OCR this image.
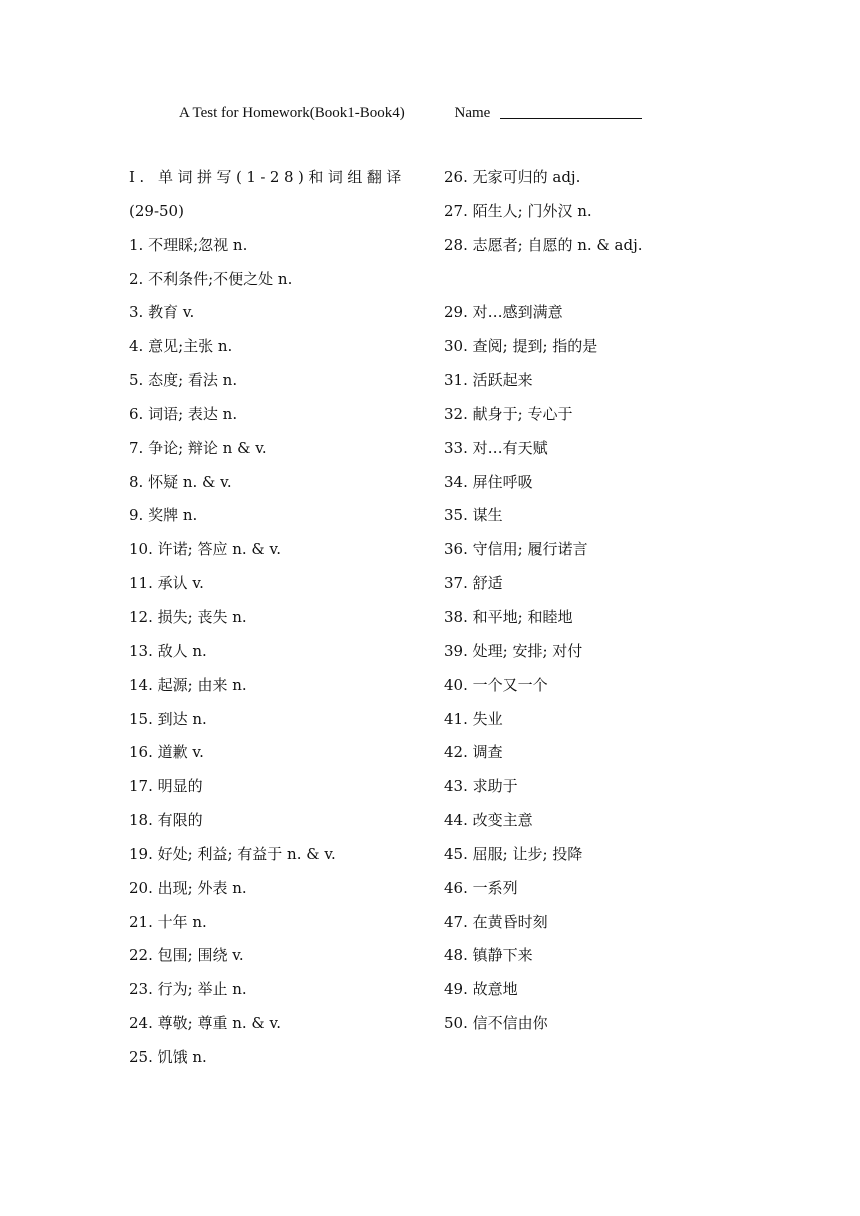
A Test for Homework(Book1-Book4)	Name
Ⅰ. 单词拼写(1-28)和词组翻译
(29-50)
1. 不理睬;忽视 n.
2. 不利条件;不便之处 n.
3. 教育 v.
4. 意见;主张 n.
5. 态度; 看法 n.
6. 词语; 表达 n.
7. 争论; 辩论 n & v.
8. 怀疑 n. & v.
9. 奖牌 n.
10. 许诺; 答应 n. & v.
11. 承认 v.
12. 损失; 丧失 n.
13. 敌人 n.
14. 起源; 由来 n.
15. 到达 n.
16. 道歉 v.
17. 明显的
18. 有限的
19. 好处; 利益; 有益于 n. & v.
20. 出现; 外表 n.
21. 十年 n.
22. 包围; 围绕 v.
23. 行为; 举止 n.
24. 尊敬; 尊重 n. & v.
25. 饥饿 n.
26. 无家可归的 adj.
27. 陌生人; 门外汉 n.
28. 志愿者; 自愿的 n. & adj.
29. 对…感到满意
30. 查阅; 提到; 指的是
31. 活跃起来
32. 献身于; 专心于
33. 对…有天赋
34. 屏住呼吸
35. 谋生
36. 守信用; 履行诺言
37. 舒适
38. 和平地; 和睦地
39. 处理; 安排; 对付
40. 一个又一个
41. 失业
42. 调查
43. 求助于
44. 改变主意
45. 屈服; 让步; 投降
46. 一系列
47. 在黄昏时刻
48. 镇静下来
49. 故意地
50. 信不信由你
